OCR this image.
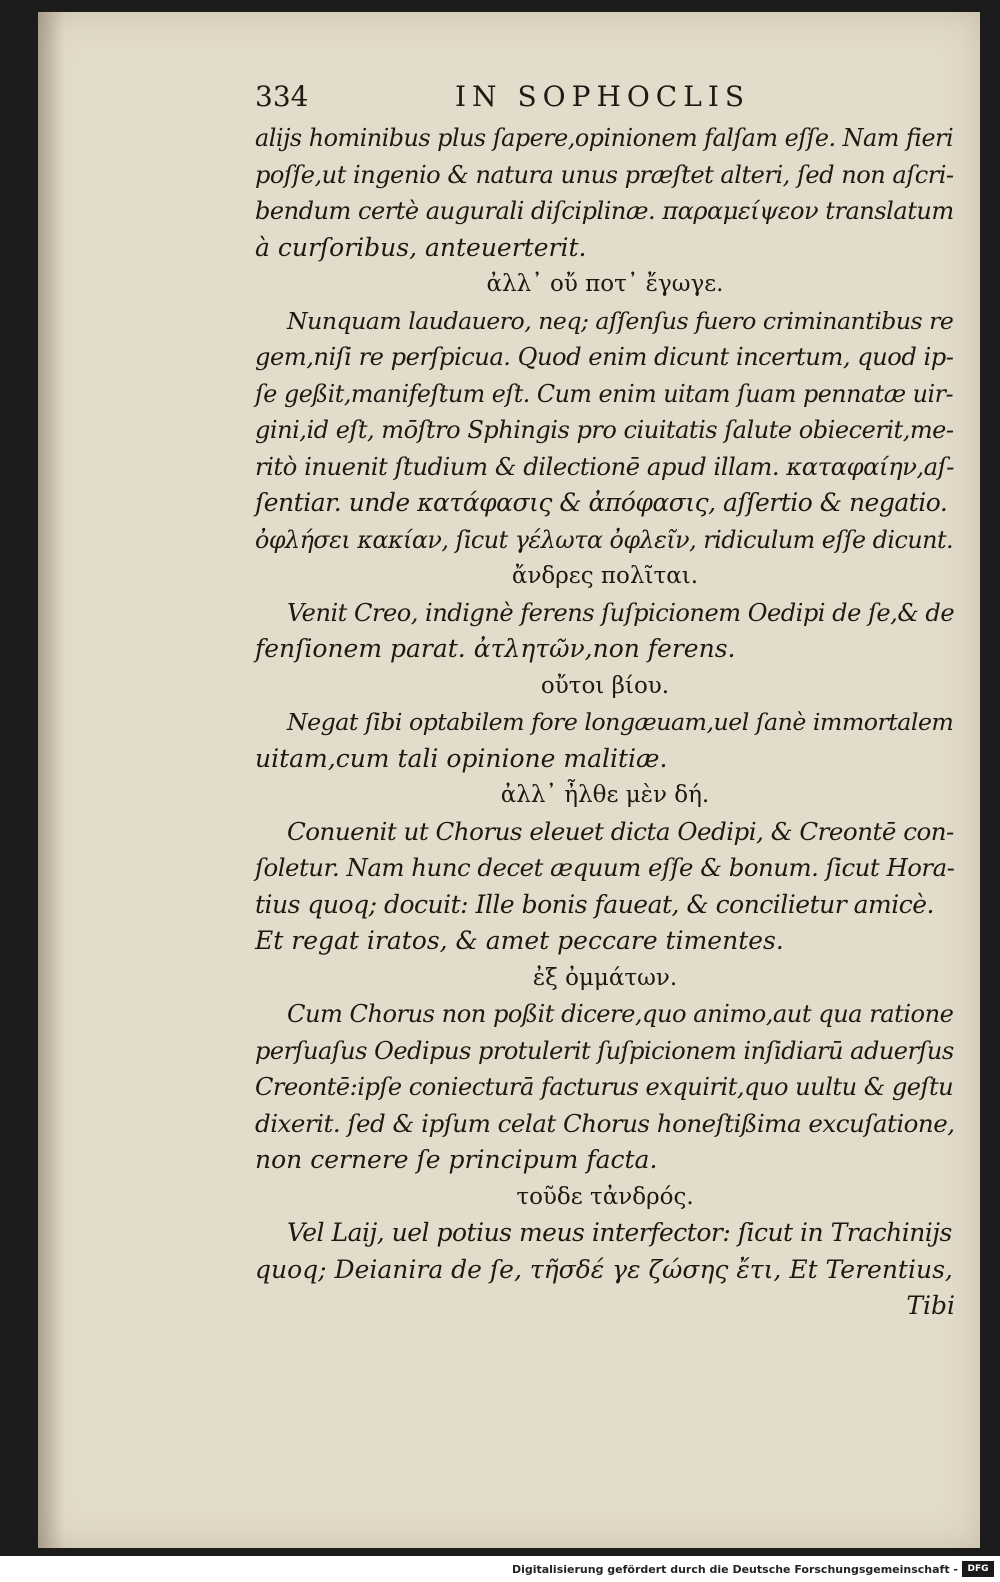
334	IN SOPHOCLIS
alijs hominibus plus ſapere,opinionem falſam eſſe. Nam fieri
poſſe,ut ingenio & natura unus præſtet alteri, ſed non aſcri-
bendum certè augurali diſciplinæ. παραμείψεον translatum
à curſoribus, anteuerterit.
ἀλλ᾽ οὔ ποτ᾽ ἔγωγε.
Nunquam laudauero, neq; aſſenſus fuero criminantibus re
gem,niſi re perſpicua. Quod enim dicunt incertum, quod ip-
ſe geßit,manifeſtum eſt. Cum enim uitam ſuam pennatæ uir-
gini,id eſt, mōſtro Sphingis pro ciuitatis ſalute obiecerit,me-
ritò inuenit ſtudium & dilectionē apud illam. καταφαίην,aſ-
ſentiar. unde κατάφασις & ἀπόφασις, aſſertio & negatio.
ὀφλήσει κακίαν, ſicut γέλωτα ὀφλεῖν, ridiculum eſſe dicunt.
ἄνδρες πολῖται.
Venit Creo, indignè ferens ſuſpicionem Oedipi de ſe,& de
fenſionem parat. ἀτλητῶν,non ferens.
οὔτοι βίου.
Negat ſibi optabilem fore longæuam,uel ſanè immortalem
uitam,cum tali opinione malitiæ.
ἀλλ᾽ ἦλθε μὲν δή.
Conuenit ut Chorus eleuet dicta Oedipi, & Creontē con-
ſoletur. Nam hunc decet æquum eſſe & bonum. ſicut Hora-
tius quoq; docuit: Ille bonis faueat, & concilietur amicè.
Et regat iratos, & amet peccare timentes.
ἐξ ὀμμάτων.
Cum Chorus non poßit dicere,quo animo,aut qua ratione
perſuaſus Oedipus protulerit ſuſpicionem inſidiarū aduerſus
Creontē:ipſe coniecturā facturus exquirit,quo uultu & geſtu
dixerit. ſed & ipſum celat Chorus honeſtißima excuſatione,
non cernere ſe principum facta.
τοῦδε τἀνδρός.
Vel Laij, uel potius meus interfector: ſicut in Trachinijs
quoq; Deianira de ſe, τῆσδέ γε ζώσης ἔτι, Et Terentius,
Tibi
Digitalisierung gefördert durch die Deutsche Forschungsgemeinschaft -	DFG
